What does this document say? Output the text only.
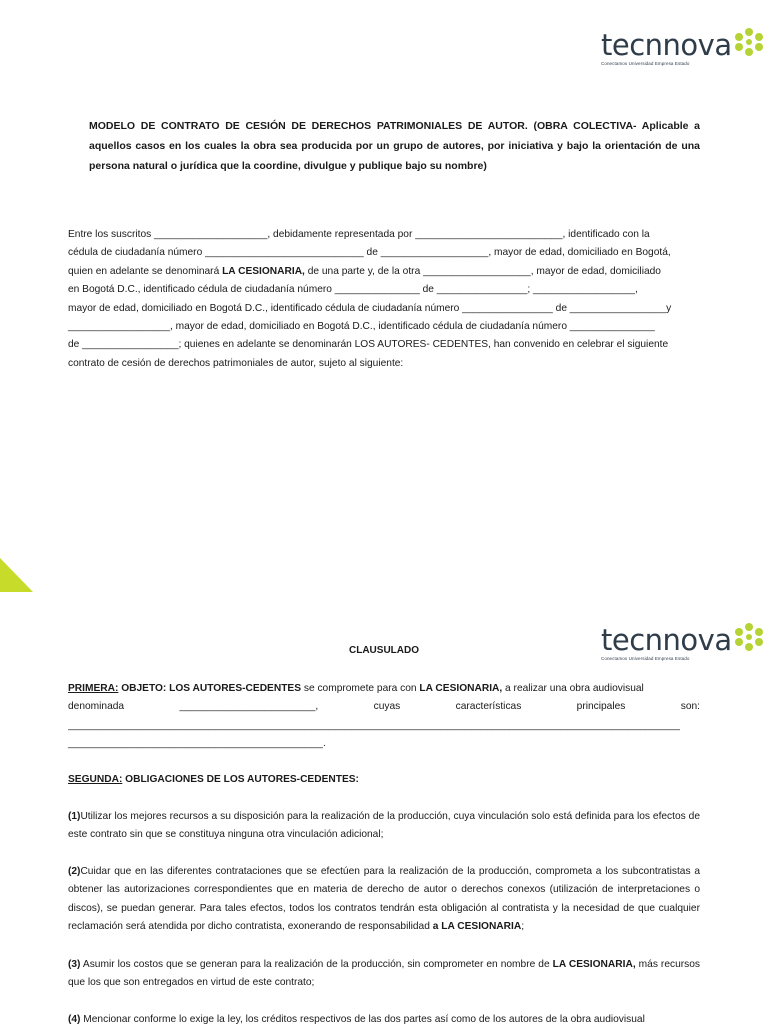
tecnnova
Conectamos Universidad Empresa Estado
MODELO DE CONTRATO DE CESIÓN DE DERECHOS PATRIMONIALES DE AUTOR. (OBRA COLECTIVA- Aplicable a aquellos casos en los cuales la obra sea producida por un grupo de autores, por iniciativa y bajo la orientación de una persona natural o jurídica que la coordine, divulgue y publique bajo su nombre)

Entre los suscritos ____________________, debidamente representada por __________________________, identificado con la

cédula de ciudadanía número ____________________________ de ___________________, mayor de edad, domiciliado en Bogotá,

quien en adelante se denominará LA CESIONARIA, de una parte y, de la otra ___________________, mayor de edad, domiciliado

en Bogotá D.C., identificado cédula de ciudadanía número _______________ de ________________; __________________,

mayor de edad, domiciliado en Bogotá D.C., identificado cédula de ciudadanía número ________________ de _________________y

__________________, mayor de edad, domiciliado en Bogotá D.C., identificado cédula de ciudadanía número _______________

de _________________; quienes en adelante se denominarán LOS AUTORES- CEDENTES, han convenido en celebrar el siguiente

contrato de cesión de derechos patrimoniales de autor, sujeto al siguiente:

tecnnova
Conectamos Universidad Empresa Estado
CLAUSULADO

PRIMERA: OBJETO: LOS AUTORES-CEDENTES se compromete para con LA CESIONARIA, a realizar una obra audiovisual

denominada ________________________, cuyas características principales son:

____________________________________________________________________________________________________________

_____________________________________________.

SEGUNDA: OBLIGACIONES DE LOS AUTORES-CEDENTES:

(1)Utilizar los mejores recursos a su disposición para la realización de la producción, cuya vinculación solo está definida para los efectos de este contrato sin que se constituya ninguna otra vinculación adicional;

(2)Cuidar que en las diferentes contrataciones que se efectúen para la realización de la producción, comprometa a los subcontratistas a obtener las autorizaciones correspondientes que en materia de derecho de autor o derechos conexos (utilización de interpretaciones o discos), se puedan generar. Para tales efectos, todos los contratos tendrán esta obligación al contratista y la necesidad de que cualquier reclamación será atendida por dicho contratista, exonerando de responsabilidad a LA CESIONARIA;

(3) Asumir los costos que se generan para la realización de la producción, sin comprometer en nombre de LA CESIONARIA, más recursos que los que son entregados en virtud de este contrato;

(4) Mencionar conforme lo exige la ley, los créditos respectivos de las dos partes así como de los autores de la obra audiovisual
